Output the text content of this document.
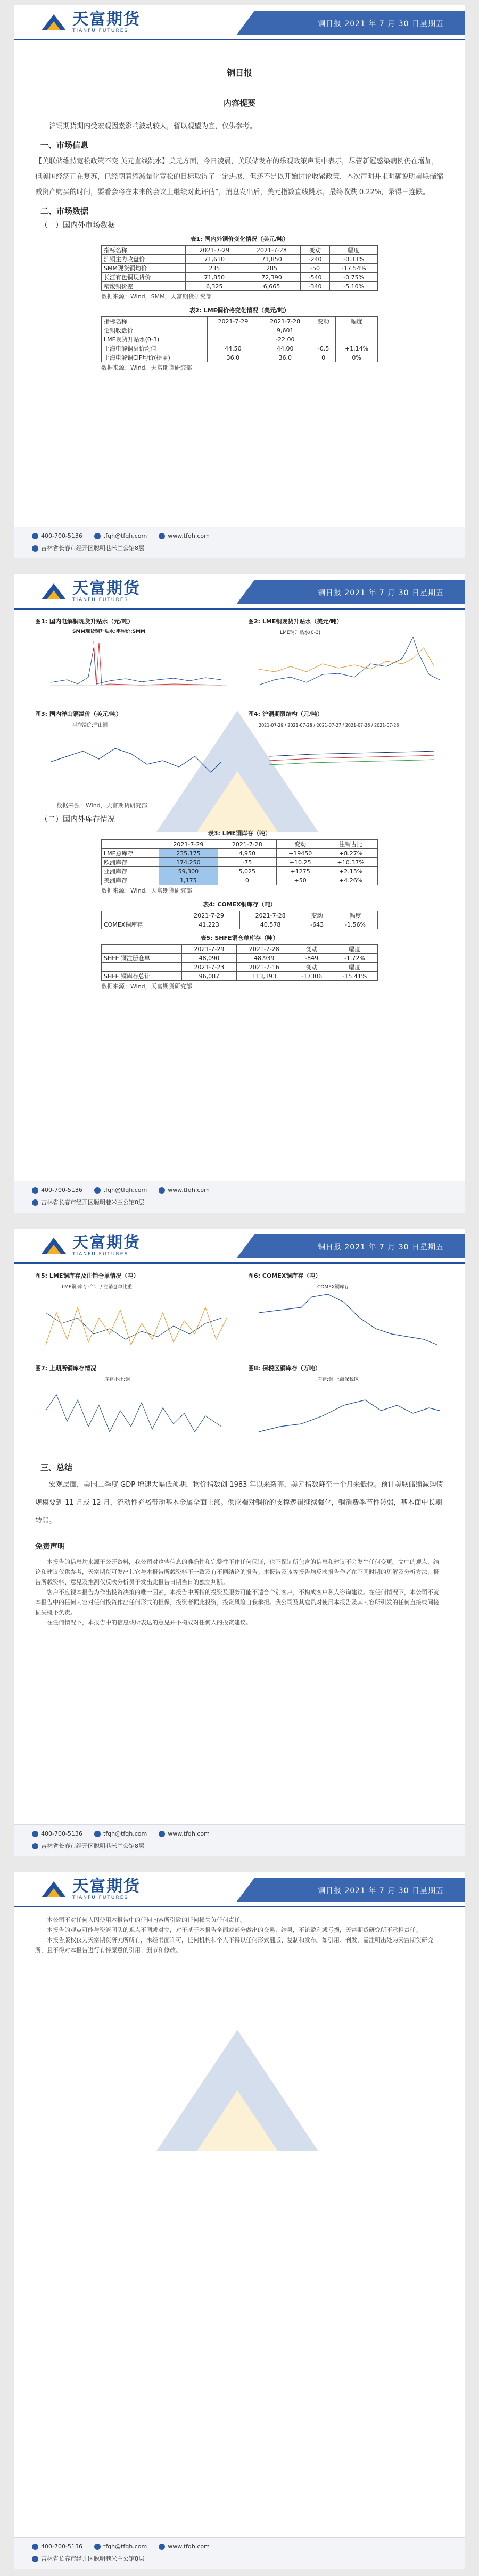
天富期货
TIANFU FUTURES
铜日报 2021 年 7 月 30 日星期五
铜日报
内容提要

沪铜期货期内受宏观因素影响波动较大，暂以观望为宜，仅供参考。

一、市场信息

【美联储维持宽松政策不变 美元直线跳水】美元方面，今日凌晨，美联储发布的乐观政策声明中表示，尽管新冠感染病例仍在增加，但美国经济正在复苏，已经朝着缩减量化宽松的目标取得了一定进展，但还不足以开始讨论收紧政策，本次声明并未明确说明美联储缩减资产购买的时间，要看会将在未来的会议上继续对此评估”，消息发出后，美元指数直线跳水，最终收跌 0.22%，录得三连跌。

二、市场数据
（一）国内外市场数据
表1: 国内外铜价变化情况（美元/吨）
指标名称	2021-7-29	2021-7-28	变动	幅度
沪铜主力收盘价	71,610	71,850	-240	-0.33%
SMM现货铜均价	235	285	-50	-17.54%
长江有色铜现货价	71,850	72,390	-540	-0.75%
精废铜价差	6,325	6,665	-340	-5.10%
数据来源：Wind，SMM，天富期货研究部
表2: LME铜价格变化情况（美元/吨）
指标名称	2021-7-29	2021-7-28	变动	幅度
伦铜收盘价		9,601		
LME现货升贴水(0-3)		-22.00		
上海电解铜溢价均值	44.50	44.00	-0.5	+1.14%
上海电解铜CIF均价(提单)	36.0	36.0	0	0%
数据来源：Wind，天富期货研究部
400-700-5136	tfqh@tfqh.com	www.tfqh.com
吉林省长春市经开区聪明巷米兰公馆8层
天富期货
TIANFU FUTURES
铜日报 2021 年 7 月 30 日星期五
图1: 国内电解铜现货升贴水（元/吨）
SMM现货铜升贴水:平均价:SMM
图2: LME铜现货升贴水（美元/吨）
LME铜升贴水(0-3)
图3: 国内洋山铜溢价（美元/吨）
平均溢价:洋山铜
图4: 沪铜期限结构（元/吨）
2021-07-29 / 2021-07-28 / 2021-07-27 / 2021-07-26 / 2021-07-23
数据来源：Wind，天富期货研究部
（二）国内外库存情况
表3: LME铜库存（吨）
	2021-7-29	2021-7-28	变动	注销占比
LME总库存	235,175	4,950	+19450	+8.27%
欧洲库存	174,250	-75	+10.25	+10.37%
亚洲库存	59,300	5,025	+1275	+2.15%
美洲库存	1,175	0	+50	+4.26%
数据来源：Wind，天富期货研究部
表4: COMEX铜库存（吨）
	2021-7-29	2021-7-28	变动	幅度
COMEX铜库存	41,223	40,578	-643	-1.56%
表5: SHFE铜仓单库存（吨）
	2021-7-29	2021-7-28	变动	幅度
SHFE 铜注册仓单	48,090	48,939	-849	-1.72%
	2021-7-23	2021-7-16	变动	幅度
SHFE 铜库存总计	96,087	113,393	-17306	-15.41%
数据来源：Wind，天富期货研究部
400-700-5136	tfqh@tfqh.com	www.tfqh.com
吉林省长春市经开区聪明巷米兰公馆8层
天富期货
TIANFU FUTURES
铜日报 2021 年 7 月 30 日星期五
图5: LME铜库存及注销仓单情况（吨）
LME铜:库存:合计 / 注销仓单比重
图6: COMEX铜库存（吨）
COMEX铜库存
图7: 上期所铜库存情况
库存小计:铜
图8: 保税区铜库存（万吨）
库存:铜:上海保税区
三、总结

宏观层面，美国二季度 GDP 增速大幅低预期，物价指数创 1983 年以来新高，美元指数降至一个月来低位。预计美联储缩减购债规模要到 11 月或 12 月，流动性充裕带动基本金属全面上涨。供应端对铜价的支撑逻辑继续强化，铜消费季节性转弱，基本面中长期转弱。

免责声明

本报告的信息均来源于公开资料，我公司对这些信息的准确性和完整性不作任何保证，也不保证所包含的信息和建议不会发生任何变更。文中的观点、结论和建议仅供参考，天富期货可发出其它与本报告所载资料不一致及有不同结论的报告。本报告及该等报告均反映报告作者在不同时期的见解及分析方法，报告所载资料、意见及推测仅反映分析员于发出此报告日期当日的独立判断。

客户不应视本报告为作出投资决策的唯一因素，本报告中所指的投资及服务可能不适合个别客户，不构成客户私人咨询建议。在任何情况下，本公司不就本报告中的任何内容对任何投资作出任何形式的担保，投资者据此投资，投资风险自我承担。我公司及其雇员对使用本报告及其内容所引发的任何直接或间接损失概不负责。

在任何情况下，本报告中的信息或所表达的意见并不构成对任何人的投资建议。

400-700-5136	tfqh@tfqh.com	www.tfqh.com
吉林省长春市经开区聪明巷米兰公馆8层
天富期货
TIANFU FUTURES
铜日报 2021 年 7 月 30 日星期五

本公司不对任何人因使用本报告中的任何内容所引致的任何损失负任何责任。

本报告的观点可能与资管团队的观点不同或对立，对于基于本报告全面或部分做出的交易、结果，不论盈利或亏损，天富期货研究所不承担责任。

本报告版权仅为天富期货研究所所有，未经书面许可，任何机构和个人不得以任何形式翻版、复制和发布。如引用、刊发，需注明出处为天富期货研究所，且不得对本报告进行有悖原意的引用、删节和修改。

400-700-5136	tfqh@tfqh.com	www.tfqh.com
吉林省长春市经开区聪明巷米兰公馆8层
